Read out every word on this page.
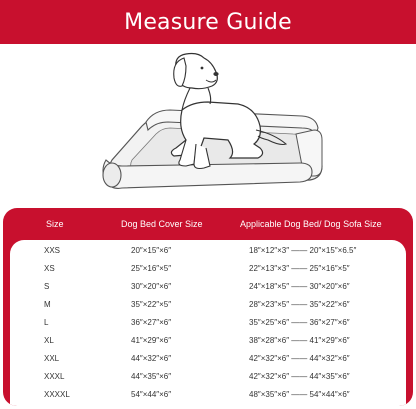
Measure Guide
Size	Dog Bed Cover Size	Applicable Dog Bed/ Dog Sofa Size
XXS	20″×15″×6″	18″×12″×3″ —— 20″×15″×6.5″
XS	25″×16″×5″	22″×13″×3″ —— 25″×16″×5″
S	30″×20″×6″	24″×18″×5″ —— 30″×20″×6″
M	35″×22″×5″	28″×23″×5″ —— 35″×22″×6″
L	36″×27″×6″	35″×25″×6″ —— 36″×27″×6″
XL	41″×29″×6″	38″×28″×6″ —— 41″×29″×6″
XXL	44″×32″×6″	42″×32″×6″ —— 44″×32″×6″
XXXL	44″×35″×6″	42″×32″×6″ —— 44″×35″×6″
XXXXL	54″×44″×6″	48″×35″×6″ —— 54″×44″×6″
